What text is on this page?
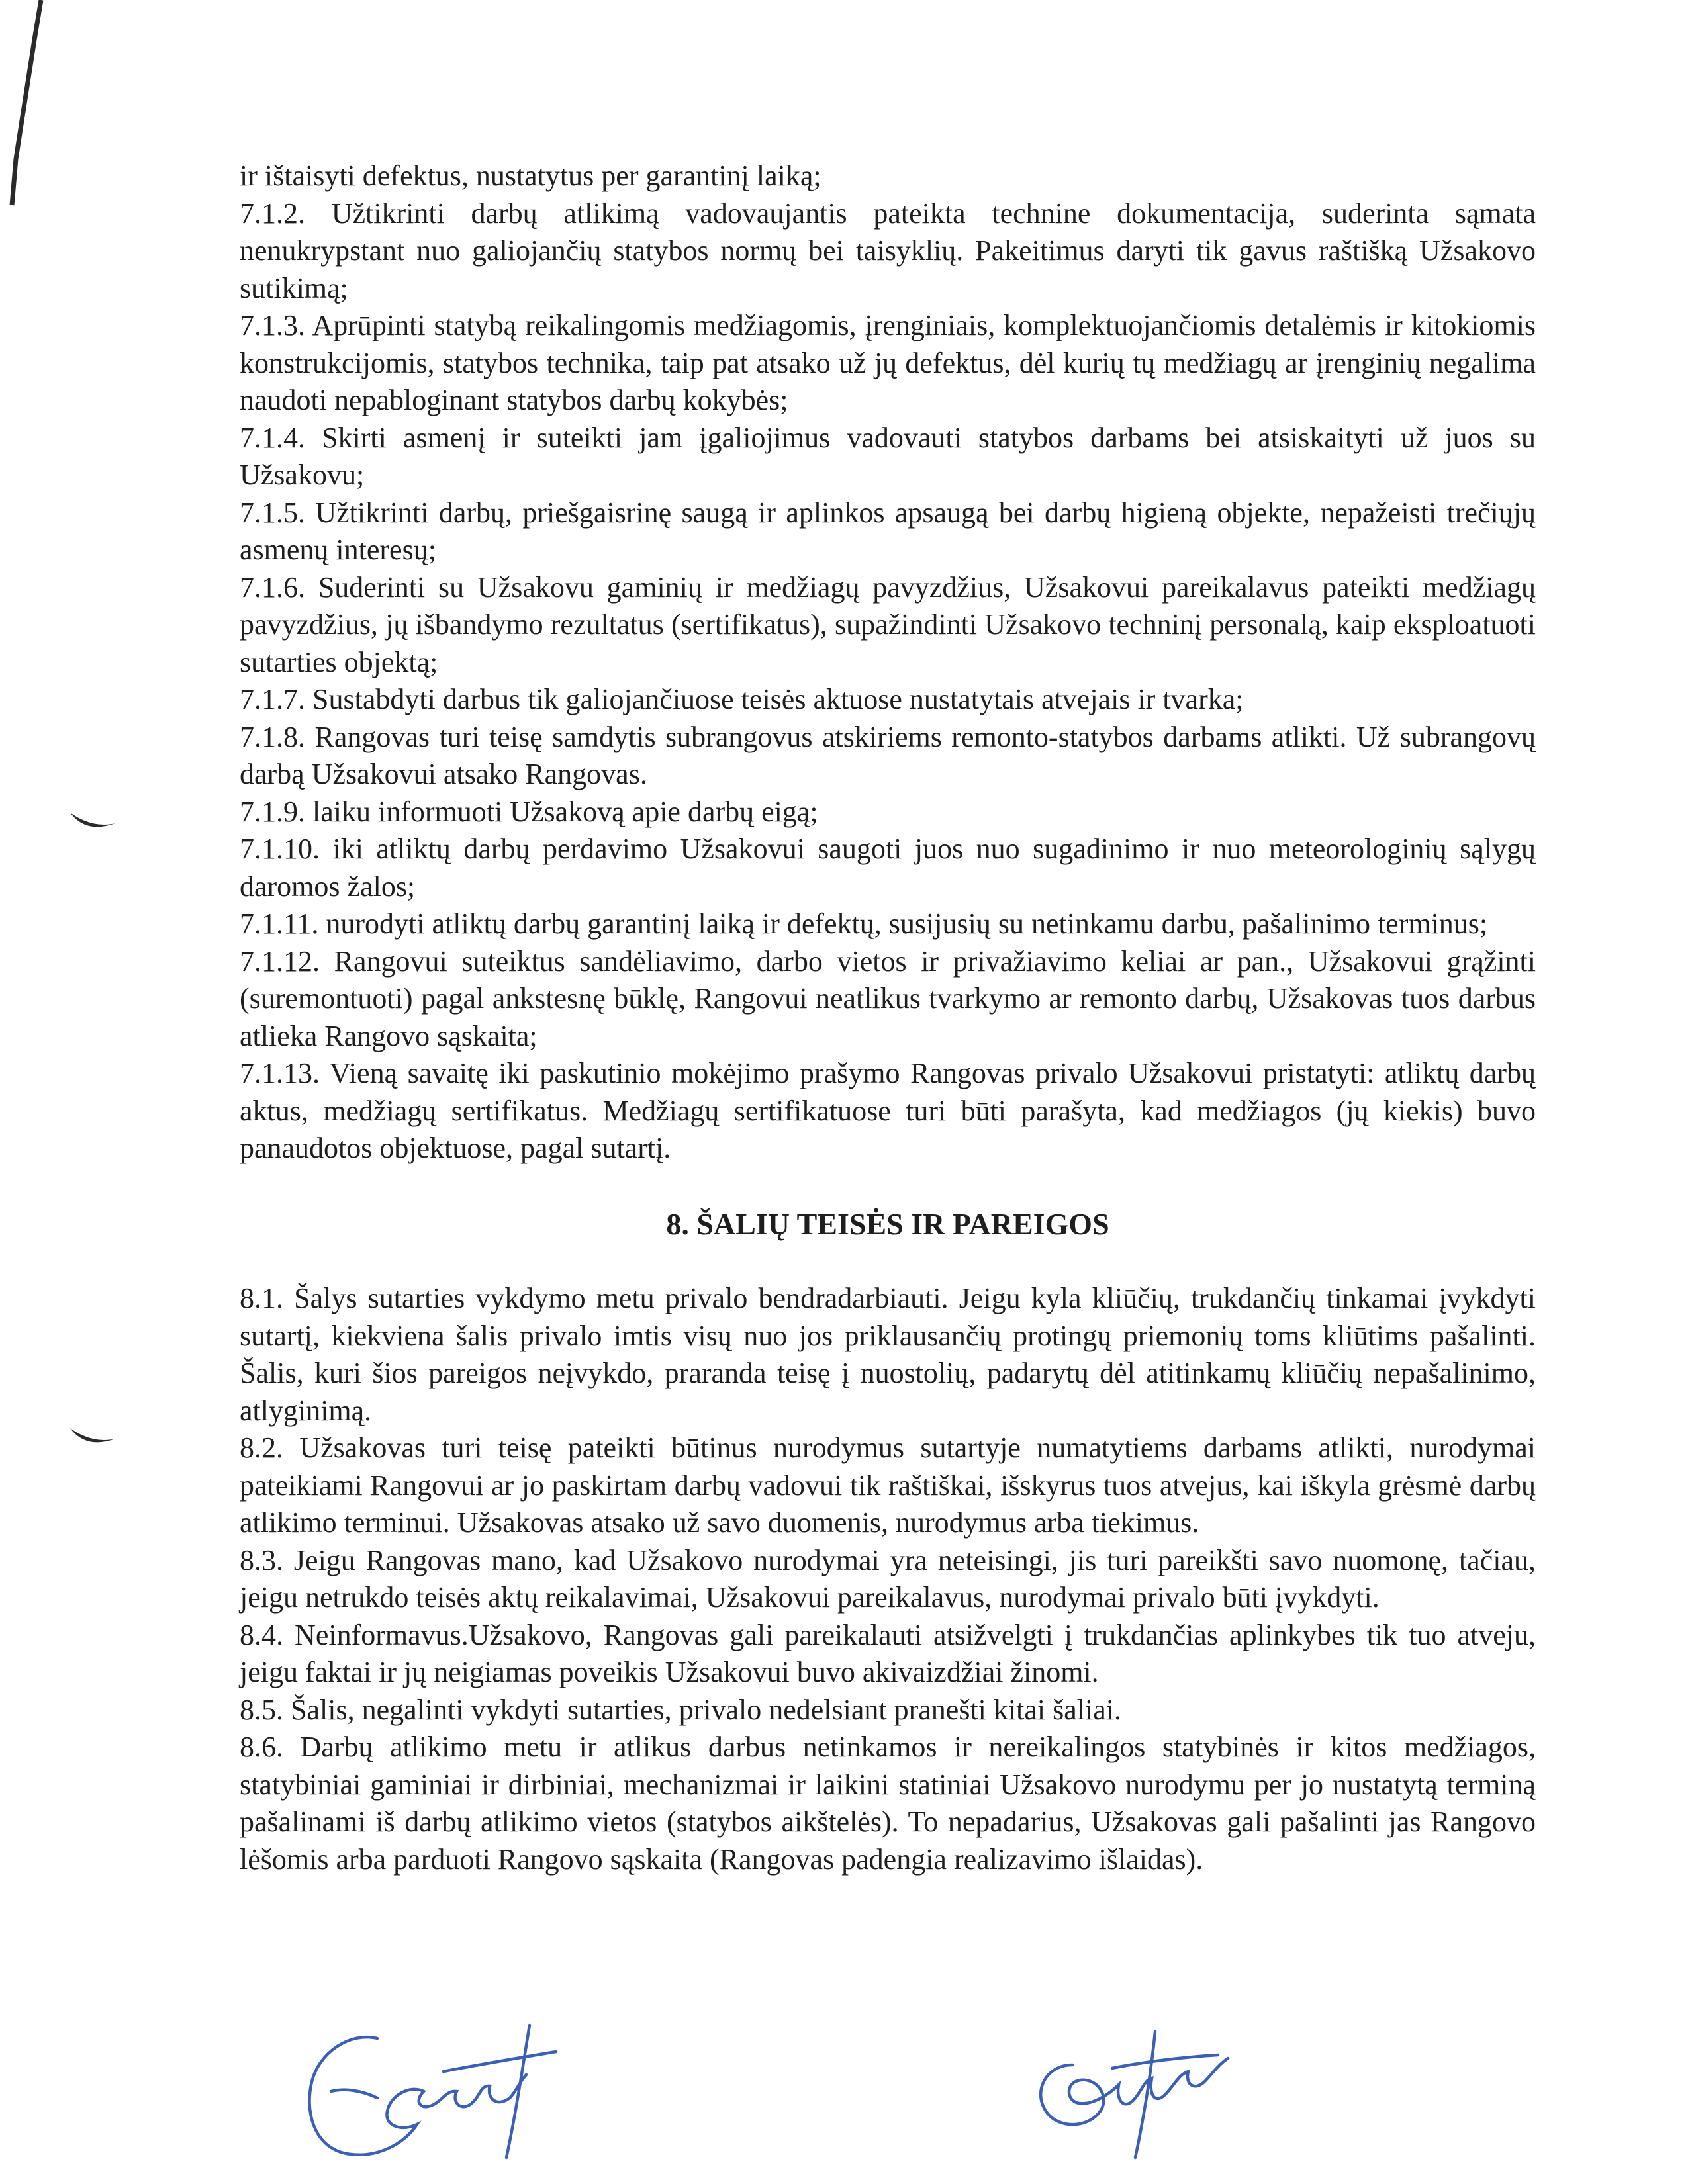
ir ištaisyti defektus, nustatytus per garantinį laiką;

7.1.2. Užtikrinti darbų atlikimą vadovaujantis pateikta technine dokumentacija, suderinta sąmata nenukrypstant nuo galiojančių statybos normų bei taisyklių. Pakeitimus daryti tik gavus raštišką Užsakovo sutikimą;

7.1.3. Aprūpinti statybą reikalingomis medžiagomis, įrenginiais, komplektuojančiomis detalėmis ir kitokiomis konstrukcijomis, statybos technika, taip pat atsako už jų defektus, dėl kurių tų medžiagų ar įrenginių negalima naudoti nepabloginant statybos darbų kokybės;

7.1.4. Skirti asmenį ir suteikti jam įgaliojimus vadovauti statybos darbams bei atsiskaityti už juos su Užsakovu;

7.1.5. Užtikrinti darbų, priešgaisrinę saugą ir aplinkos apsaugą bei darbų higieną objekte, nepažeisti trečiųjų asmenų interesų;

7.1.6. Suderinti su Užsakovu gaminių ir medžiagų pavyzdžius, Užsakovui pareikalavus pateikti medžiagų pavyzdžius, jų išbandymo rezultatus (sertifikatus), supažindinti Užsakovo techninį personalą, kaip eksploatuoti sutarties objektą;

7.1.7. Sustabdyti darbus tik galiojančiuose teisės aktuose nustatytais atvejais ir tvarka;

7.1.8. Rangovas turi teisę samdytis subrangovus atskiriems remonto-statybos darbams atlikti. Už subrangovų darbą Užsakovui atsako Rangovas.

7.1.9. laiku informuoti Užsakovą apie darbų eigą;

7.1.10. iki atliktų darbų perdavimo Užsakovui saugoti juos nuo sugadinimo ir nuo meteorologinių sąlygų daromos žalos;

7.1.11. nurodyti atliktų darbų garantinį laiką ir defektų, susijusių su netinkamu darbu, pašalinimo terminus;

7.1.12. Rangovui suteiktus sandėliavimo, darbo vietos ir privažiavimo keliai ar pan., Užsakovui grąžinti (suremontuoti) pagal ankstesnę būklę, Rangovui neatlikus tvarkymo ar remonto darbų, Užsakovas tuos darbus atlieka Rangovo sąskaita;

7.1.13. Vieną savaitę iki paskutinio mokėjimo prašymo Rangovas privalo Užsakovui pristatyti: atliktų darbų aktus, medžiagų sertifikatus. Medžiagų sertifikatuose turi būti parašyta, kad medžiagos (jų kiekis) buvo panaudotos objektuose, pagal sutartį.

8. ŠALIŲ TEISĖS IR PAREIGOS

8.1. Šalys sutarties vykdymo metu privalo bendradarbiauti. Jeigu kyla kliūčių, trukdančių tinkamai įvykdyti sutartį, kiekviena šalis privalo imtis visų nuo jos priklausančių protingų priemonių toms kliūtims pašalinti. Šalis, kuri šios pareigos neįvykdo, praranda teisę į nuostolių, padarytų dėl atitinkamų kliūčių nepašalinimo, atlyginimą.

8.2. Užsakovas turi teisę pateikti būtinus nurodymus sutartyje numatytiems darbams atlikti, nurodymai pateikiami Rangovui ar jo paskirtam darbų vadovui tik raštiškai, išskyrus tuos atvejus, kai iškyla grėsmė darbų atlikimo terminui. Užsakovas atsako už savo duomenis, nurodymus arba tiekimus.

8.3. Jeigu Rangovas mano, kad Užsakovo nurodymai yra neteisingi, jis turi pareikšti savo nuomonę, tačiau, jeigu netrukdo teisės aktų reikalavimai, Užsakovui pareikalavus, nurodymai privalo būti įvykdyti.

8.4. Neinformavus.Užsakovo, Rangovas gali pareikalauti atsižvelgti į trukdančias aplinkybes tik tuo atveju, jeigu faktai ir jų neigiamas poveikis Užsakovui buvo akivaizdžiai žinomi.

8.5. Šalis, negalinti vykdyti sutarties, privalo nedelsiant pranešti kitai šaliai.

8.6. Darbų atlikimo metu ir atlikus darbus netinkamos ir nereikalingos statybinės ir kitos medžiagos, statybiniai gaminiai ir dirbiniai, mechanizmai ir laikini statiniai Užsakovo nurodymu per jo nustatytą terminą pašalinami iš darbų atlikimo vietos (statybos aikštelės). To nepadarius, Užsakovas gali pašalinti jas Rangovo lėšomis arba parduoti Rangovo sąskaita (Rangovas padengia realizavimo išlaidas).
